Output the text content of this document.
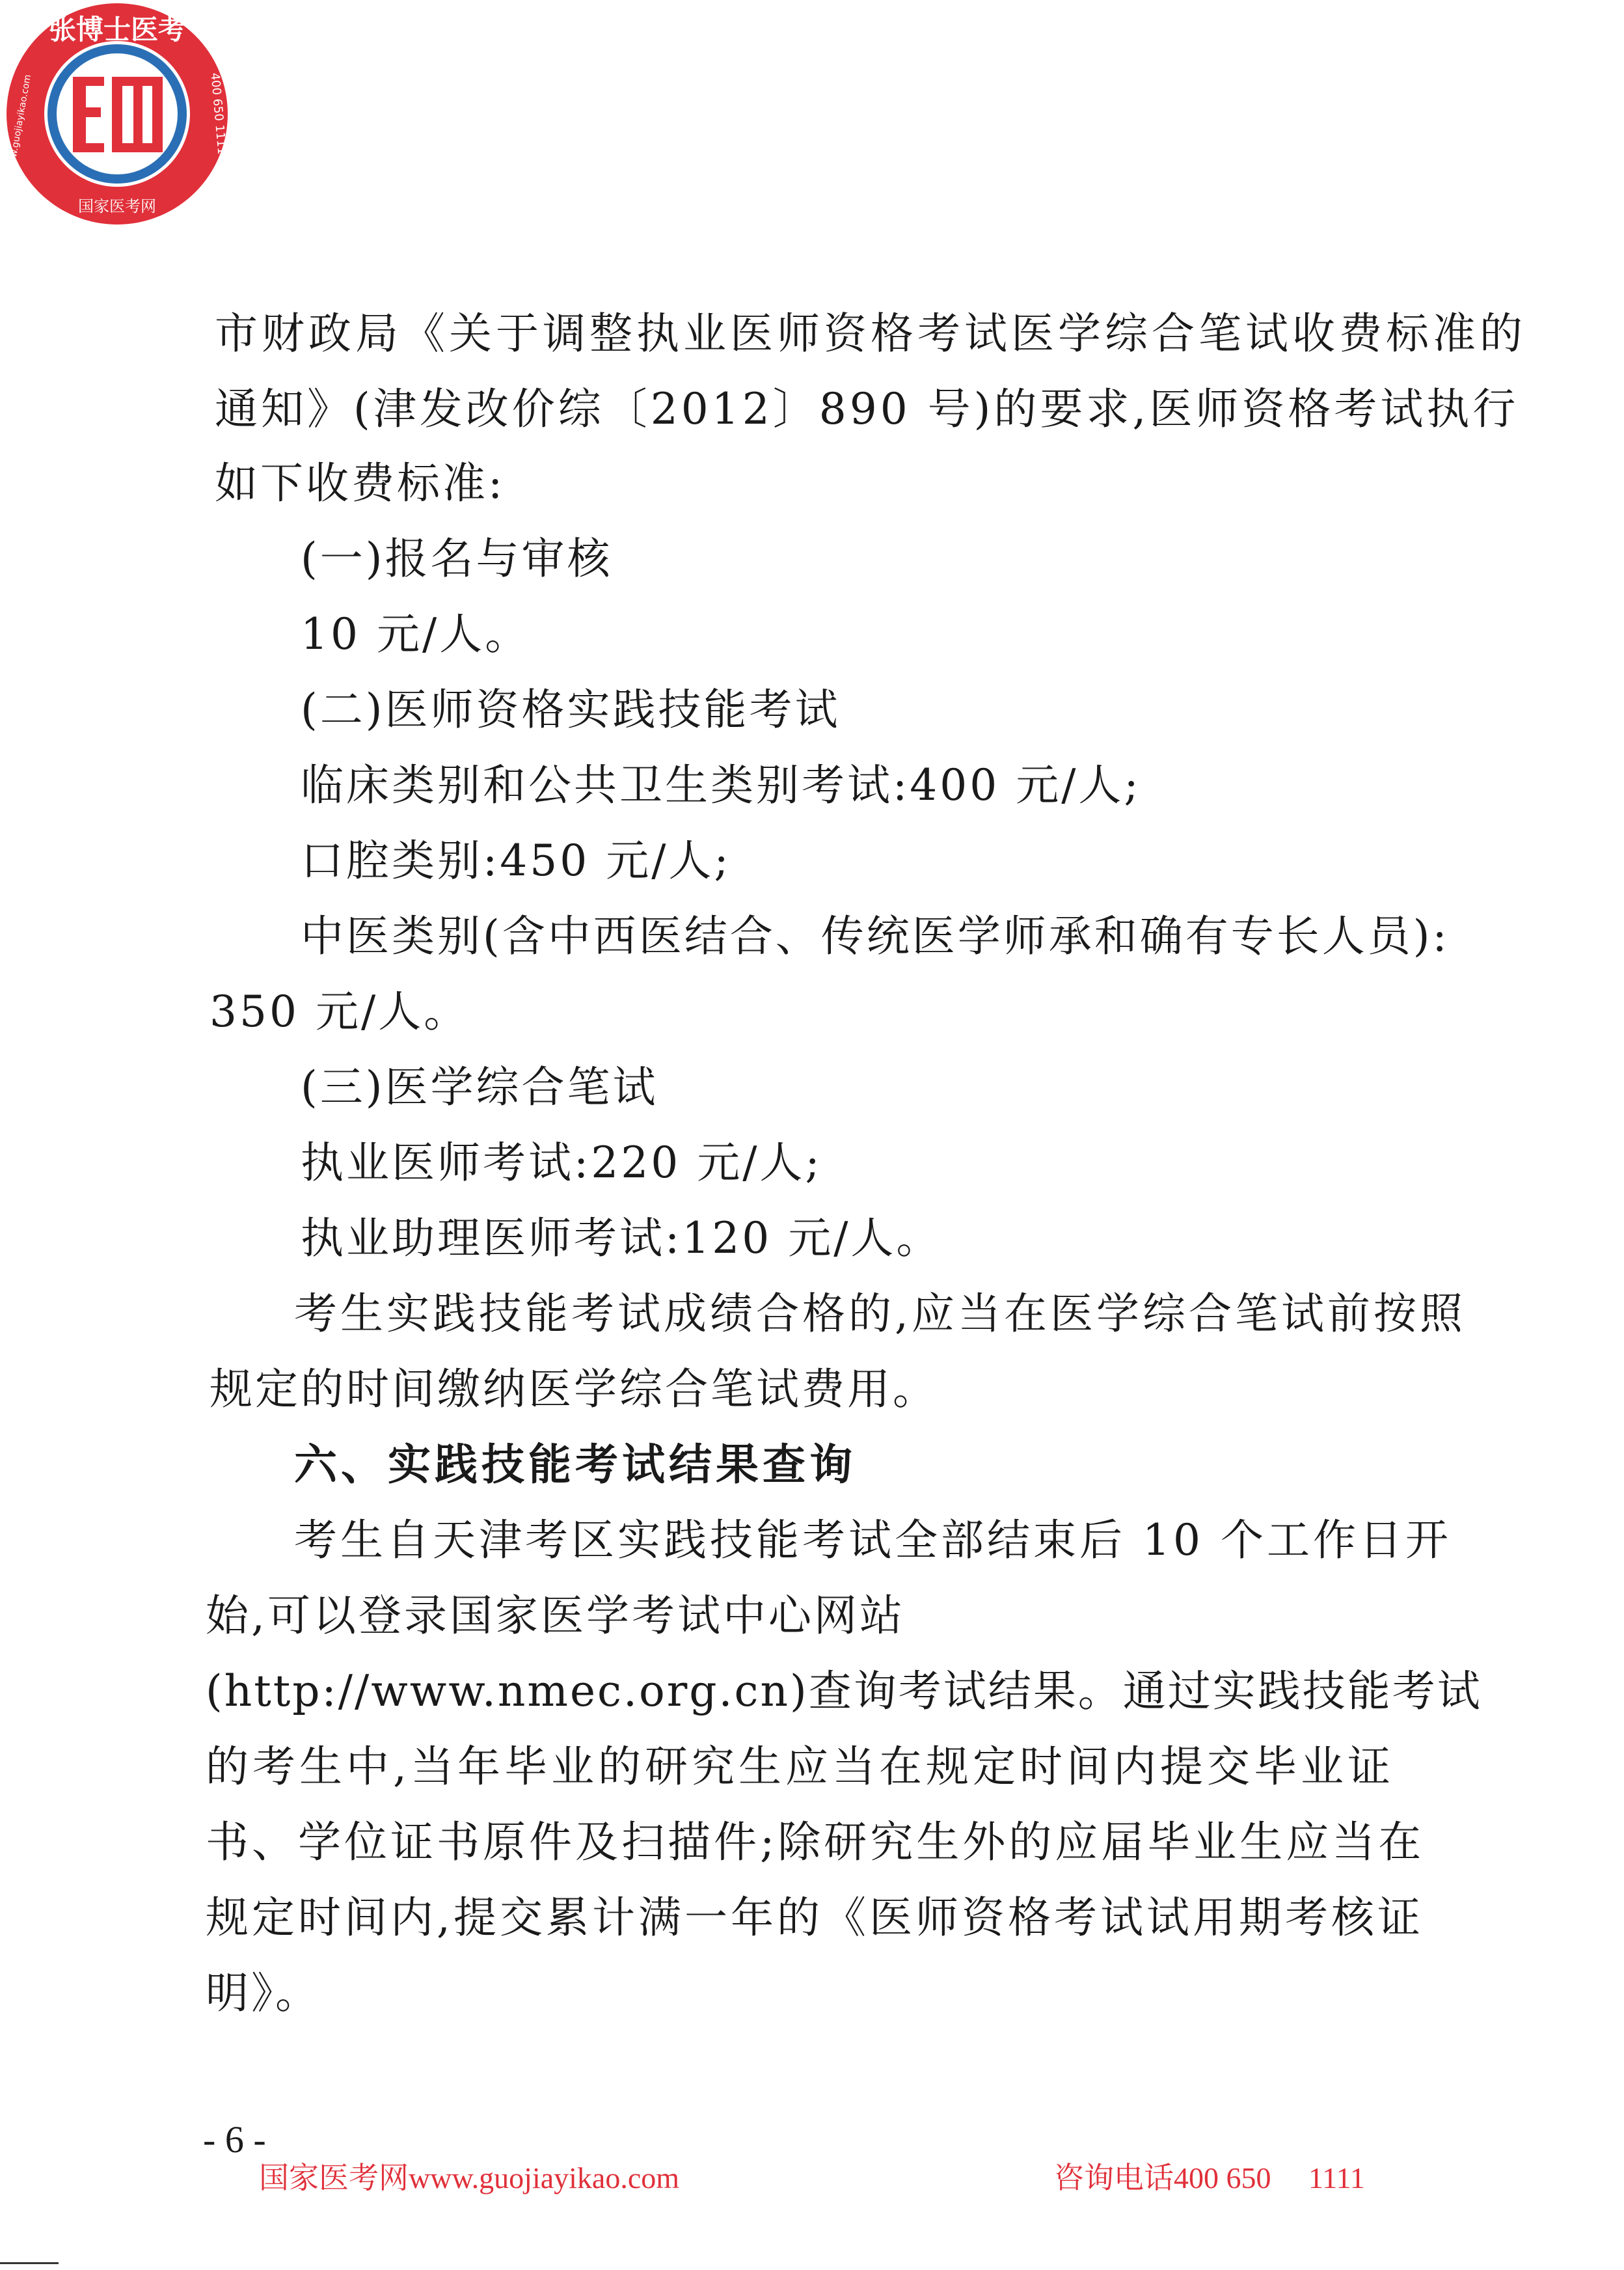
张博士医考
国家医考网
www.guojiayikao.com	400 650 1111
市财政局《关于调整执业医师资格考试医学综合笔试收费标准的
通知》(津发改价综〔2012〕890 号)的要求,医师资格考试执行
如下收费标准:
(一)报名与审核
10 元/人。
(二)医师资格实践技能考试
临床类别和公共卫生类别考试:400 元/人;
口腔类别:450 元/人;
中医类别(含中西医结合、传统医学师承和确有专长人员):
350 元/人。
(三)医学综合笔试
执业医师考试:220 元/人;
执业助理医师考试:120 元/人。
考生实践技能考试成绩合格的,应当在医学综合笔试前按照
规定的时间缴纳医学综合笔试费用。
六、实践技能考试结果查询
考生自天津考区实践技能考试全部结束后 10 个工作日开
始,可以登录国家医学考试中心网站
(http://www.nmec.org.cn)查询考试结果。通过实践技能考试
的考生中,当年毕业的研究生应当在规定时间内提交毕业证
书、学位证书原件及扫描件;除研究生外的应届毕业生应当在
规定时间内,提交累计满一年的《医师资格考试试用期考核证
明》。
- 6 -
国家医考网www.guojiayikao.com	咨询电话400 650　 1111
